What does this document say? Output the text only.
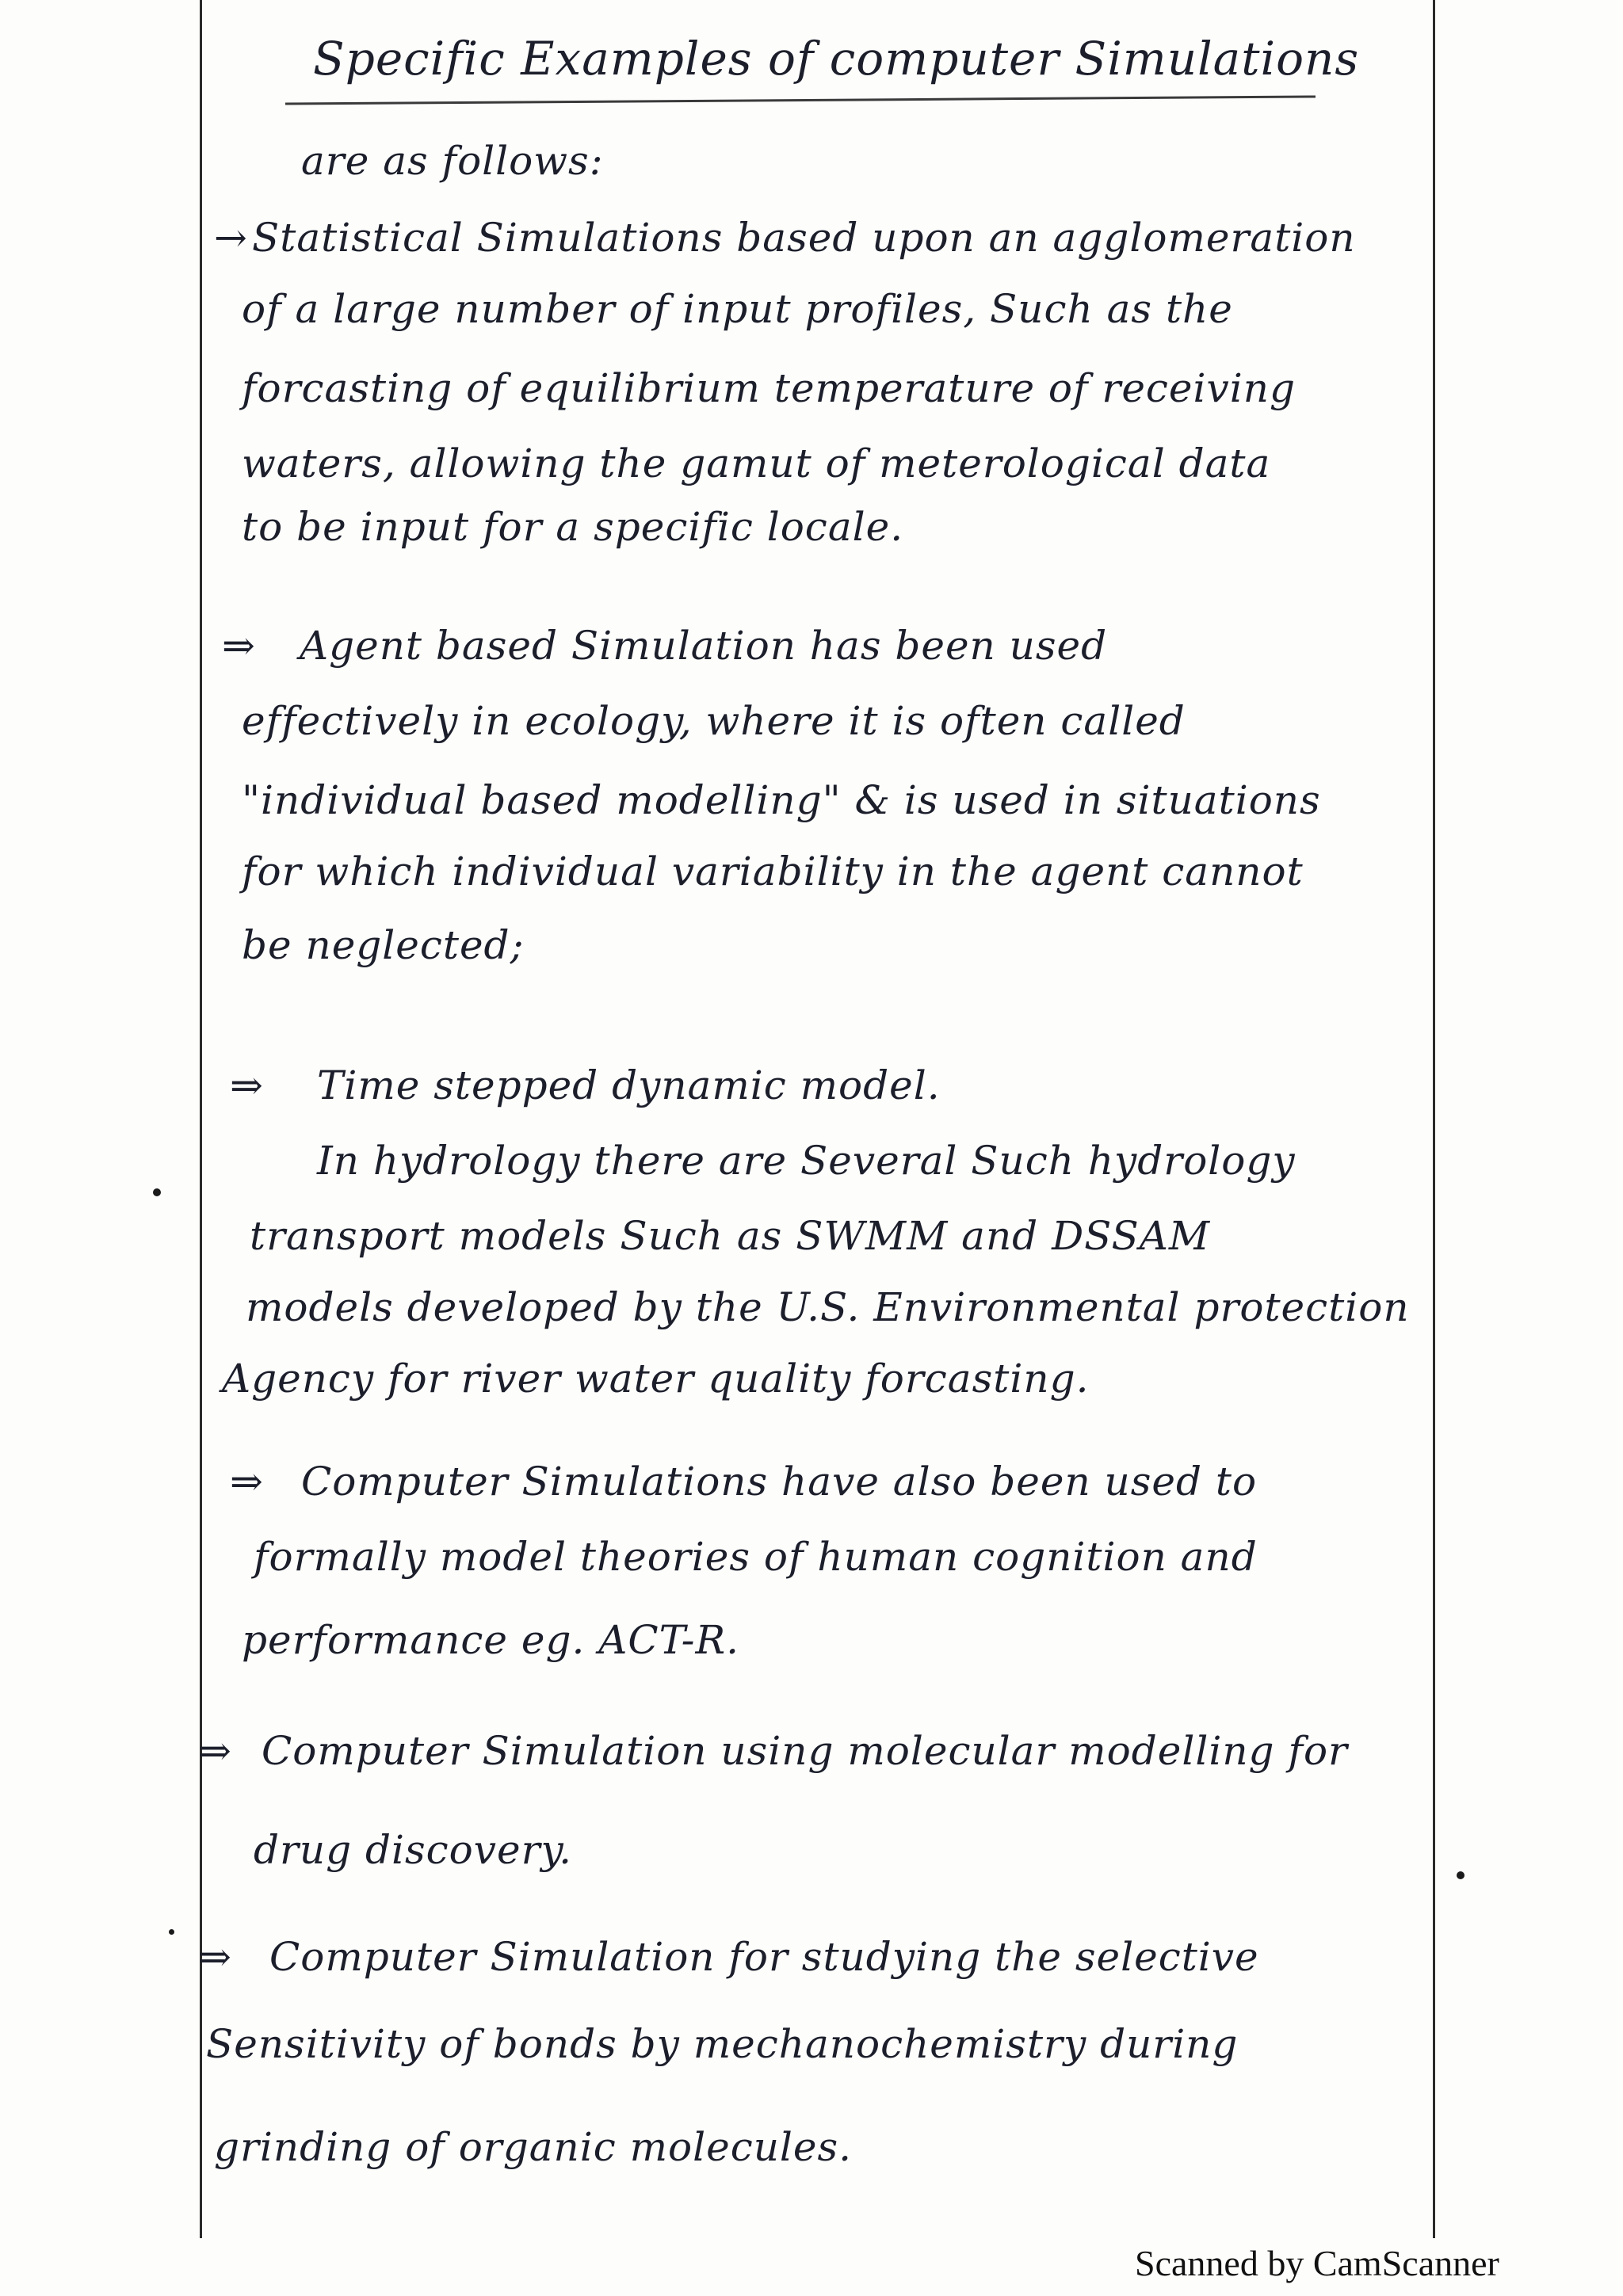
Specific Examples of computer Simulations
are as follows:
→ Statistical Simulations based upon an agglomeration
of a large number of input profiles, Such as the
forcasting of equilibrium temperature of receiving
waters, allowing the gamut of meterological data
to be input for a specific locale.
⇒ Agent based Simulation has been used
effectively in ecology, where it is often called
"individual based modelling" & is used in situations
for which individual variability in the agent cannot
be neglected;
⇒ Time stepped dynamic model.
In hydrology there are Several Such hydrology
transport models Such as SWMM and DSSAM
models developed by the U.S. Environmental protection
Agency for river water quality forcasting.
⇒ Computer Simulations have also been used to
formally model theories of human cognition and
performance eg. ACT-R.
⇒ Computer Simulation using molecular modelling for
drug discovery.
⇒ Computer Simulation for studying the selective
Sensitivity of bonds by mechanochemistry during
grinding of organic molecules.
Scanned by CamScanner
